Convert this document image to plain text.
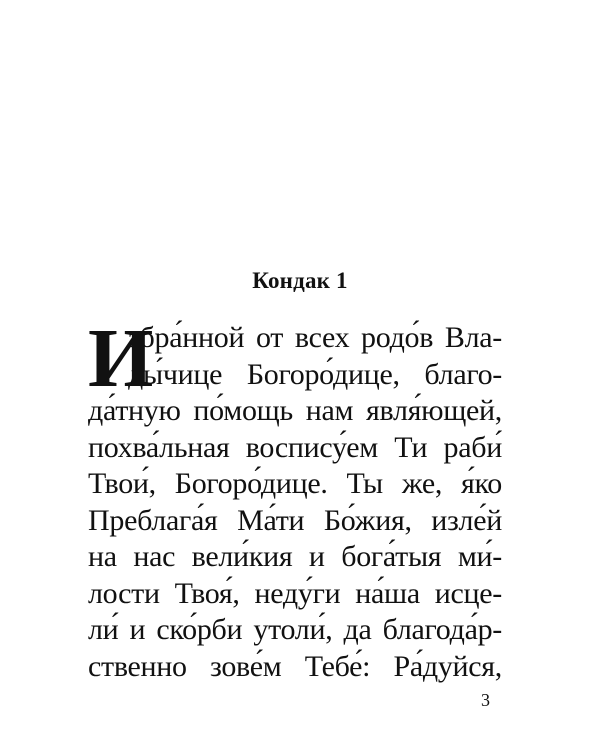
Кондак 1
И
збра́нной от всех родо́в Вла-
ды́чице Богоро́дице, благо-
да́тную по́мощь нам явля́ющей,
похва́льная воспису́ем Ти раби́
Твои́, Богоро́дице. Ты же, я́ко
Преблага́я Ма́ти Бо́жия, изле́й
на нас вели́кия и бога́тыя ми́-
лости Твоя́, неду́ги на́ша исце-
ли́ и ско́рби утоли́, да благода́р-
ственно зове́м Тебе́: Ра́дуйся,
3
